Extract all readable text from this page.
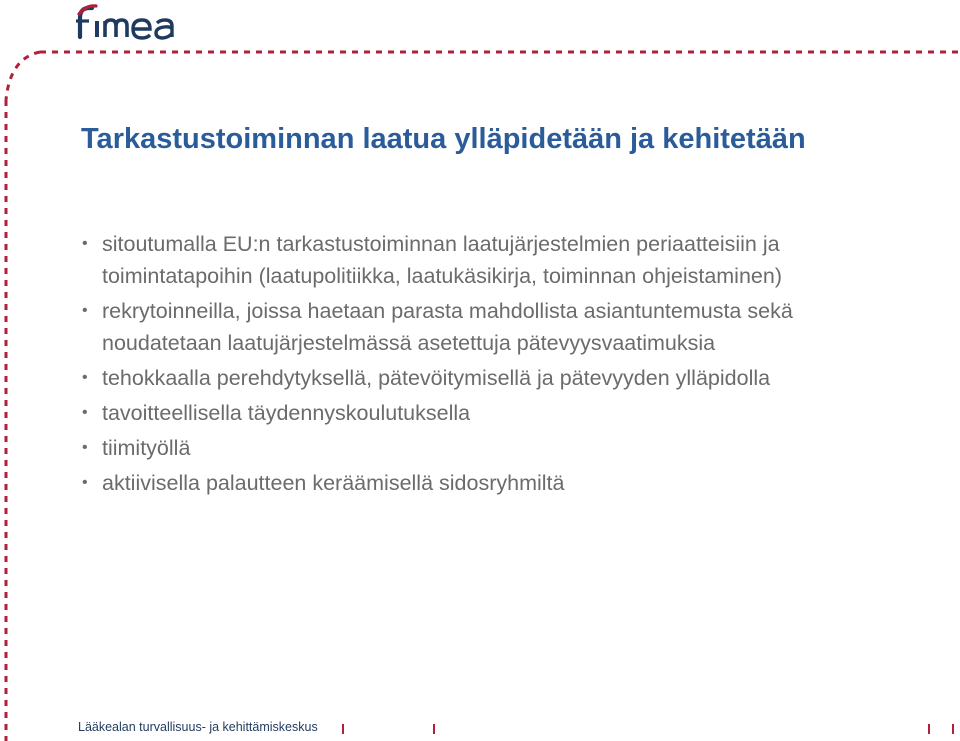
Tarkastustoiminnan laatua ylläpidetään ja kehitetään
• sitoutumalla EU:n tarkastustoiminnan laatujärjestelmien periaatteisiin ja toimintatapoihin (laatupolitiikka, laatukäsikirja, toiminnan ohjeistaminen)
• rekrytoinneilla, joissa haetaan parasta mahdollista asiantuntemusta sekä noudatetaan laatujärjestelmässä asetettuja pätevyysvaatimuksia
• tehokkaalla perehdytyksellä, pätevöitymisellä ja pätevyyden ylläpidolla
• tavoitteellisella täydennyskoulutuksella
• tiimityöllä
• aktiivisella palautteen keräämisellä sidosryhmiltä
Lääkealan turvallisuus- ja kehittämiskeskus
